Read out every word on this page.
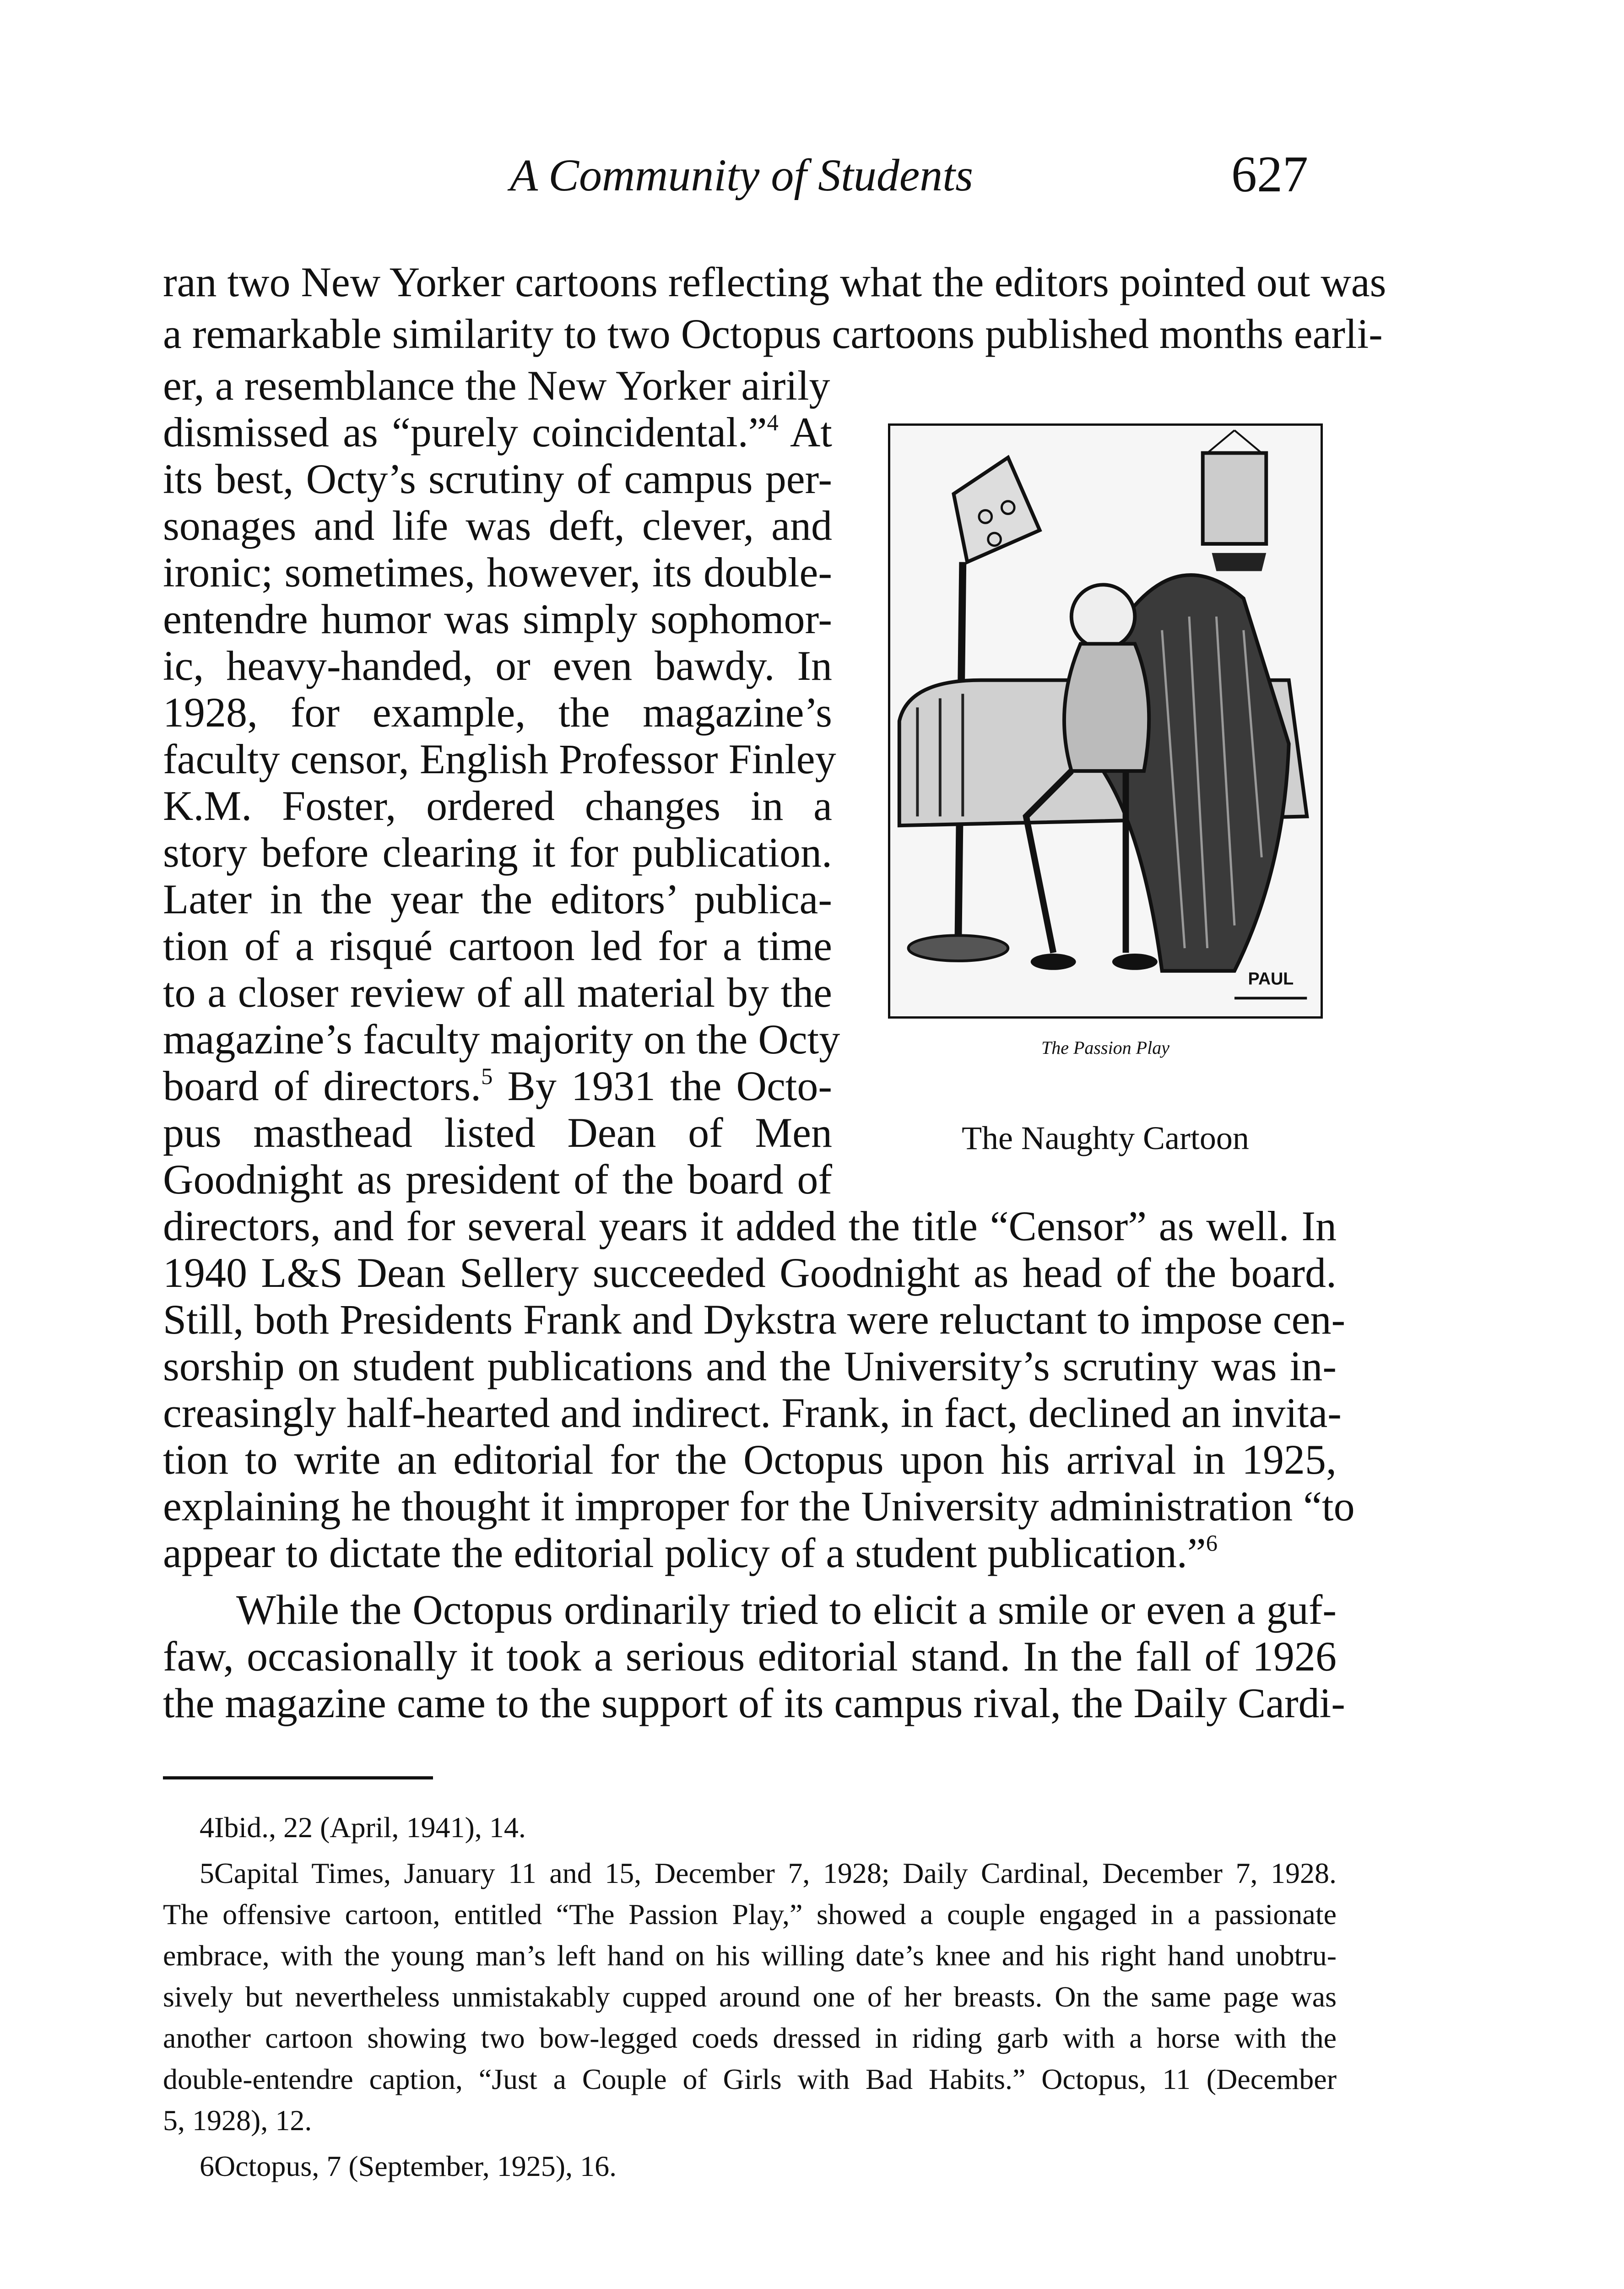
A Community of Students	627
ran two New Yorker cartoons reflecting what the editors pointed out was
a remarkable similarity to two Octopus cartoons published months earli-
er, a resemblance the New Yorker airily
dismissed as “purely coincidental.”$^4$ At
its best, Octy’s scrutiny of campus per-
sonages and life was deft, clever, and
ironic; sometimes, however, its double-
entendre humor was simply sophomor-
ic, heavy-handed, or even bawdy. In
1928, for example, the magazine’s
faculty censor, English Professor Finley
K.M. Foster, ordered changes in a
story before clearing it for publication.
Later in the year the editors’ publica-
tion of a risqué cartoon led for a time
to a closer review of all material by the
magazine’s faculty majority on the Octy
board of directors.$^5$ By 1931 the Octo-
pus masthead listed Dean of Men
Goodnight as president of the board of
directors, and for several years it added the title “Censor” as well. In
1940 L&S Dean Sellery succeeded Goodnight as head of the board.
Still, both Presidents Frank and Dykstra were reluctant to impose cen-
sorship on student publications and the University’s scrutiny was in-
creasingly half-hearted and indirect. Frank, in fact, declined an invita-
tion to write an editorial for the Octopus upon his arrival in 1925,
explaining he thought it improper for the University administration “to
appear to dictate the editorial policy of a student publication.”$^6$
While the Octopus ordinarily tried to elicit a smile or even a guf-
faw, occasionally it took a serious editorial stand. In the fall of 1926
the magazine came to the support of its campus rival, the Daily Cardi-
PAUL
The Passion Play
The Naughty Cartoon
4Ibid., 22 (April, 1941), 14.
5Capital Times, January 11 and 15, December 7, 1928; Daily Cardinal, December 7, 1928.
The offensive cartoon, entitled “The Passion Play,” showed a couple engaged in a passionate
embrace, with the young man’s left hand on his willing date’s knee and his right hand unobtru-
sively but nevertheless unmistakably cupped around one of her breasts. On the same page was
another cartoon showing two bow-legged coeds dressed in riding garb with a horse with the
double-entendre caption, “Just a Couple of Girls with Bad Habits.” Octopus, 11 (December
5, 1928), 12.
6Octopus, 7 (September, 1925), 16.
